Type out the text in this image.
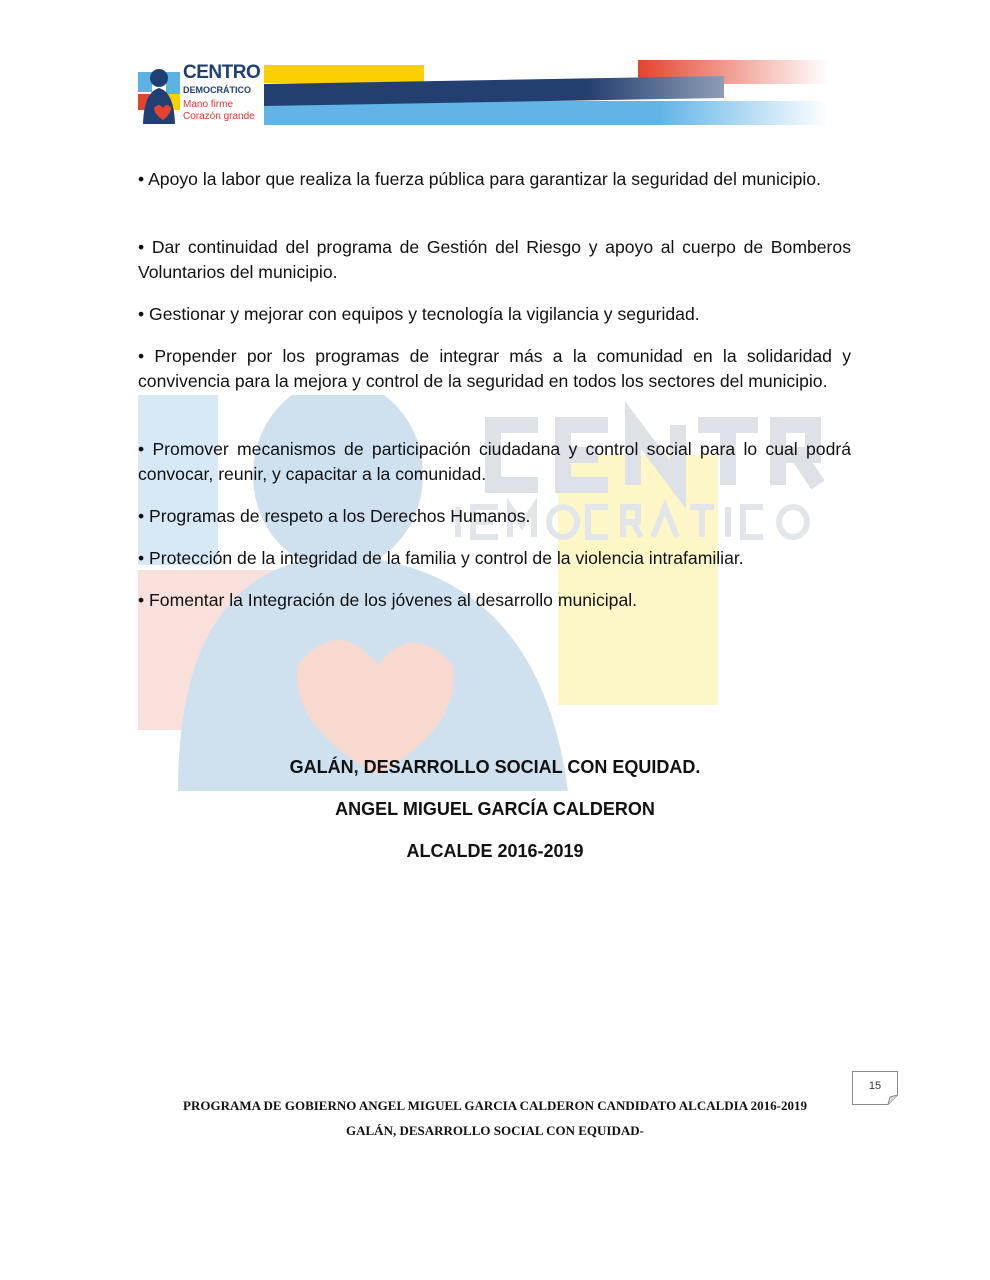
CENTRO
DEMOCRÁTICO
Mano firme
Corazón grande
• Apoyo la labor que realiza la fuerza pública para garantizar la seguridad del municipio.
• Dar continuidad del programa de Gestión del Riesgo y apoyo al cuerpo de Bomberos Voluntarios del municipio.
• Gestionar y mejorar con equipos y tecnología la vigilancia y seguridad.
• Propender por los programas de integrar más a la comunidad en la solidaridad y convivencia para la mejora y control de la seguridad en todos los sectores del municipio.
• Promover mecanismos de participación ciudadana y control social para lo cual podrá convocar, reunir, y capacitar a la comunidad.
• Programas de respeto a los Derechos Humanos.
• Protección de la integridad de la familia y control de la violencia intrafamiliar.
• Fomentar la Integración de los jóvenes al desarrollo municipal.
GALÁN, DESARROLLO SOCIAL CON EQUIDAD.
ANGEL MIGUEL GARCÍA CALDERON
ALCALDE 2016-2019
15
PROGRAMA DE GOBIERNO ANGEL MIGUEL GARCIA CALDERON CANDIDATO ALCALDIA 2016-2019
GALÁN, DESARROLLO SOCIAL CON EQUIDAD-
